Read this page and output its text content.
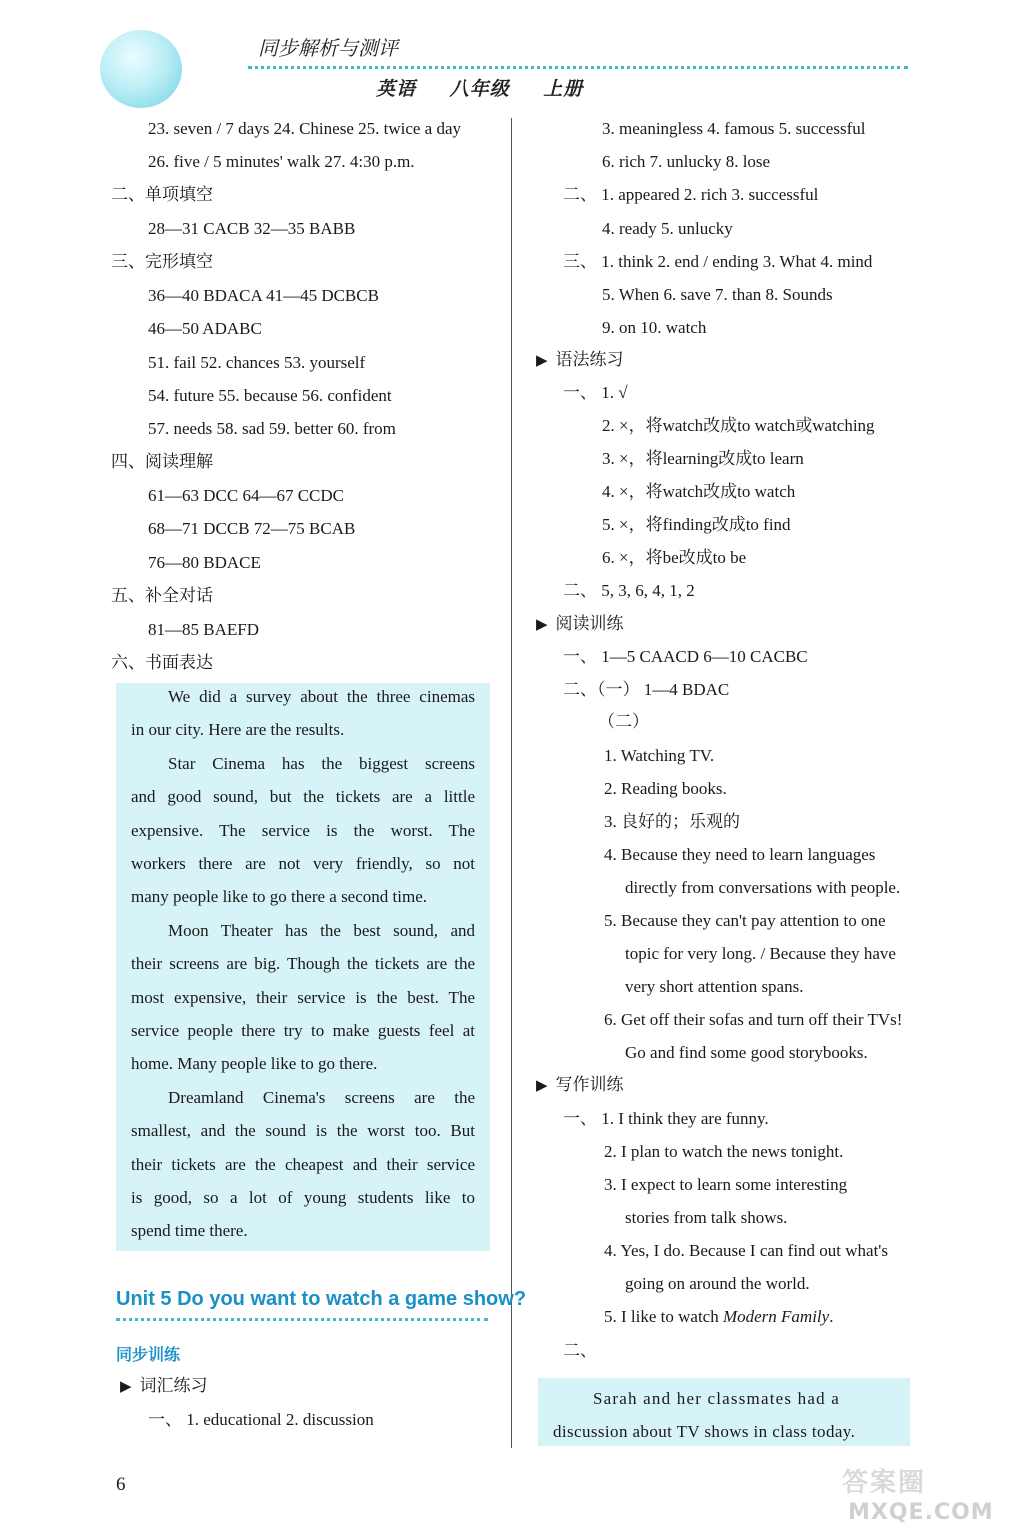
同步解析与测评
英语 八年级 上册
23. seven / 7 days 24. Chinese 25. twice a day
26. five / 5 minutes' walk 27. 4:30 p.m.
二、单项填空
28—31 CACB 32—35 BABB
三、完形填空
36—40 BDACA 41—45 DCBCB
46—50 ADABC
51. fail 52. chances 53. yourself
54. future 55. because 56. confident
57. needs 58. sad 59. better 60. from
四、阅读理解
61—63 DCC 64—67 CCDC
68—71 DCCB 72—75 BCAB
76—80 BDACE
五、补全对话
81—85 BAEFD
六、书面表达
We did a survey about the three cinemas
in our city. Here are the results.
Star Cinema has the biggest screens
and good sound, but the tickets are a little
expensive. The service is the worst. The
workers there are not very friendly, so not
many people like to go there a second time.
Moon Theater has the best sound, and
their screens are big. Though the tickets are the
most expensive, their service is the best. The
service people there try to make guests feel at
home. Many people like to go there.
Dreamland Cinema's screens are the
smallest, and the sound is the worst too. But
their tickets are the cheapest and their service
is good, so a lot of young students like to
spend time there.
Unit 5 Do you want to watch a game show?
同步训练
▶ 词汇练习
一、 1. educational 2. discussion
3. meaningless 4. famous 5. successful
6. rich 7. unlucky 8. lose
二、 1. appeared 2. rich 3. successful
4. ready 5. unlucky
三、 1. think 2. end / ending 3. What 4. mind
5. When 6. save 7. than 8. Sounds
9. on 10. watch
▶ 语法练习
一、 1. √
2. ×，将watch改成to watch或watching
3. ×，将learning改成to learn
4. ×，将watch改成to watch
5. ×，将finding改成to find
6. ×，将be改成to be
二、 5, 3, 6, 4, 1, 2
▶ 阅读训练
一、 1—5 CAACD 6—10 CACBC
二、（一） 1—4 BDAC
（二）
1. Watching TV.
2. Reading books.
3. 良好的；乐观的
4. Because they need to learn languages
directly from conversations with people.
5. Because they can't pay attention to one
topic for very long. / Because they have
very short attention spans.
6. Get off their sofas and turn off their TVs!
Go and find some good storybooks.
▶ 写作训练
一、 1. I think they are funny.
2. I plan to watch the news tonight.
3. I expect to learn some interesting
stories from talk shows.
4. Yes, I do. Because I can find out what's
going on around the world.
5. I like to watch Modern Family.
二、
Sarah and her classmates had a
discussion about TV shows in class today.
6	答案圈
MXQE.COM
